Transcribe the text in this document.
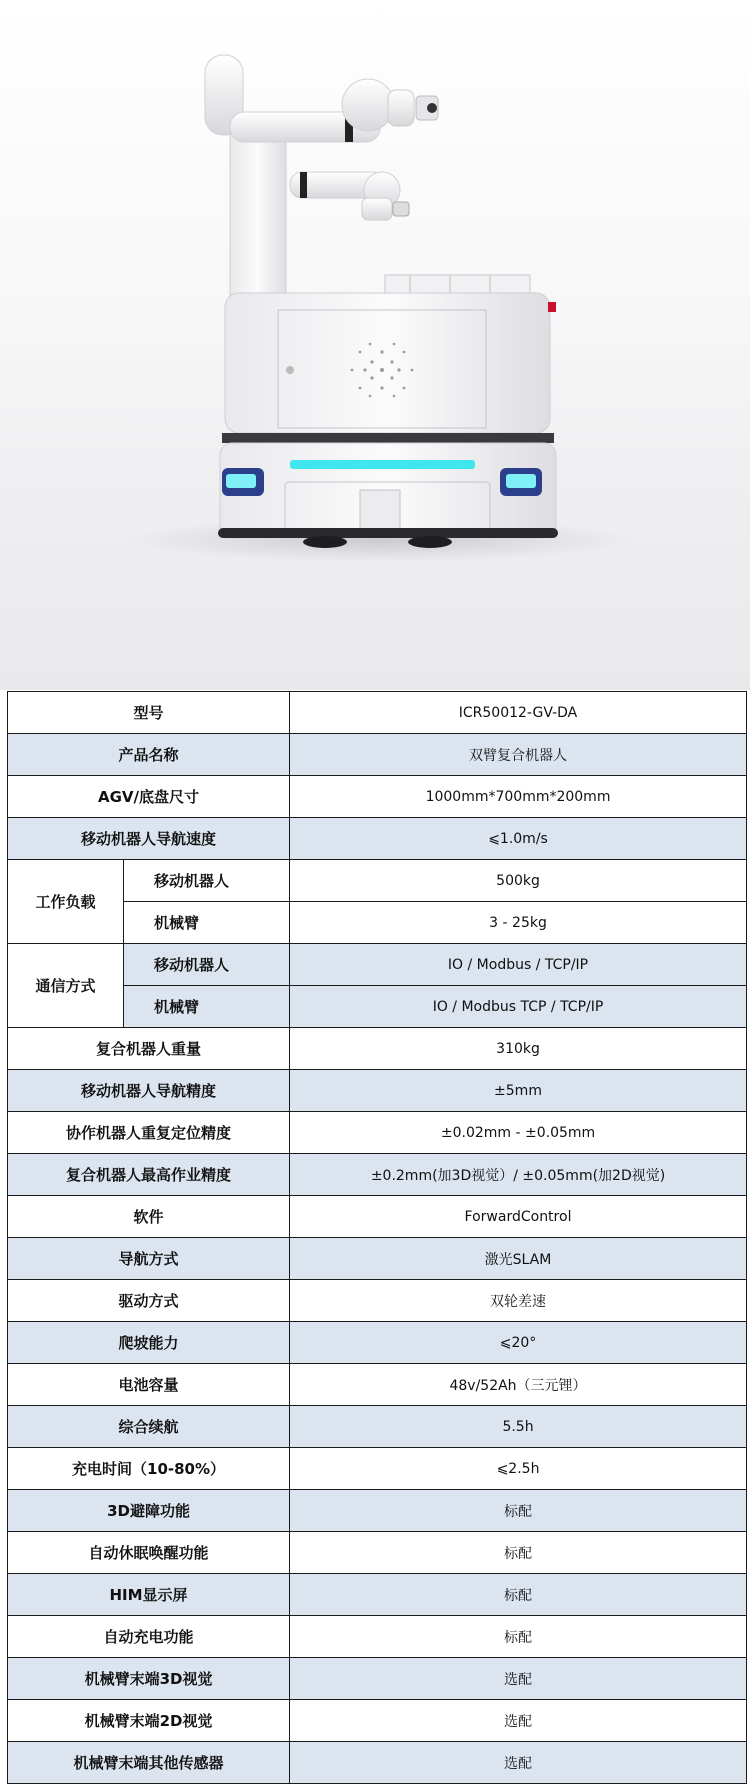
型号		ICR50012-GV-DA
产品名称		双臂复合机器人
AGV/底盘尺寸		1000mm*700mm*200mm
移动机器人导航速度		⩽1.0m/s
工作负载	移动机器人	500kg
	机械臂	3 - 25kg
通信方式	移动机器人	IO / Modbus / TCP/IP
	机械臂	IO / Modbus TCP / TCP/IP
复合机器人重量		310kg
移动机器人导航精度		±5mm
协作机器人重复定位精度		±0.02mm - ±0.05mm
复合机器人最高作业精度		±0.2mm(加3D视觉）/ ±0.05mm(加2D视觉)
软件		ForwardControl
导航方式		激光SLAM
驱动方式		双轮差速
爬坡能力		⩽20°
电池容量		48v/52Ah（三元锂）
综合续航		5.5h
充电时间（10-80%）		⩽2.5h
3D避障功能		标配
自动休眠唤醒功能		标配
HIM显示屏		标配
自动充电功能		标配
机械臂末端3D视觉		选配
机械臂末端2D视觉		选配
机械臂末端其他传感器		选配
